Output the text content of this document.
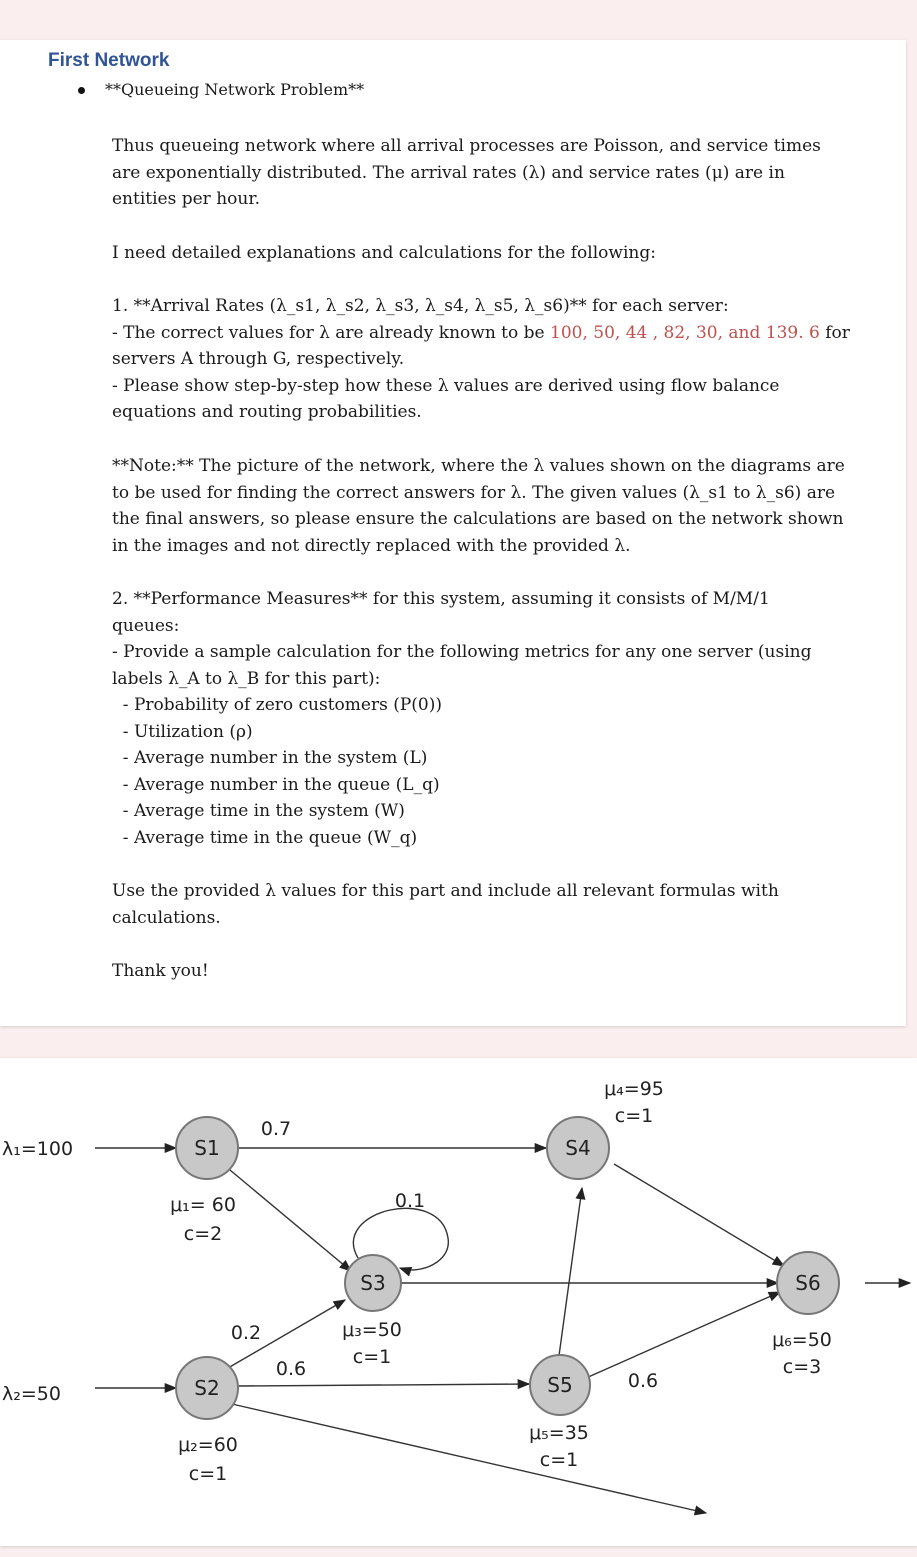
First Network
**Queueing Network Problem**

Thus queueing network where all arrival processes are Poisson, and service times
are exponentially distributed. The arrival rates (λ) and service rates (μ) are in
entities per hour.

I need detailed explanations and calculations for the following:

1. **Arrival Rates (λ_s1, λ_s2, λ_s3, λ_s4, λ_s5, λ_s6)** for each server:
- The correct values for λ are already known to be 100, 50, 44 , 82, 30, and 139. 6 for
servers A through G, respectively.
- Please show step-by-step how these λ values are derived using flow balance
equations and routing probabilities.

**Note:** The picture of the network, where the λ values shown on the diagrams are
to be used for finding the correct answers for λ. The given values (λ_s1 to λ_s6) are
the final answers, so please ensure the calculations are based on the network shown
in the images and not directly replaced with the provided λ.

2. **Performance Measures** for this system, assuming it consists of M/M/1
queues:
- Provide a sample calculation for the following metrics for any one server (using
labels λ_A to λ_B for this part):
- Probability of zero customers (P(0))
- Utilization (ρ)
- Average number in the system (L)
- Average number in the queue (L_q)
- Average time in the system (W)
- Average time in the queue (W_q)

Use the provided λ values for this part and include all relevant formulas with
calculations.

Thank you!

S1
S2
S3
S4
S5
S6
λ₁=100
λ₂=50
μ₁= 60
c=2
μ₂=60
c=1
μ₃=50
c=1
μ₄=95
c=1
μ₅=35
c=1
μ₆=50
c=3
0.7
0.1
0.2
0.6
0.6
